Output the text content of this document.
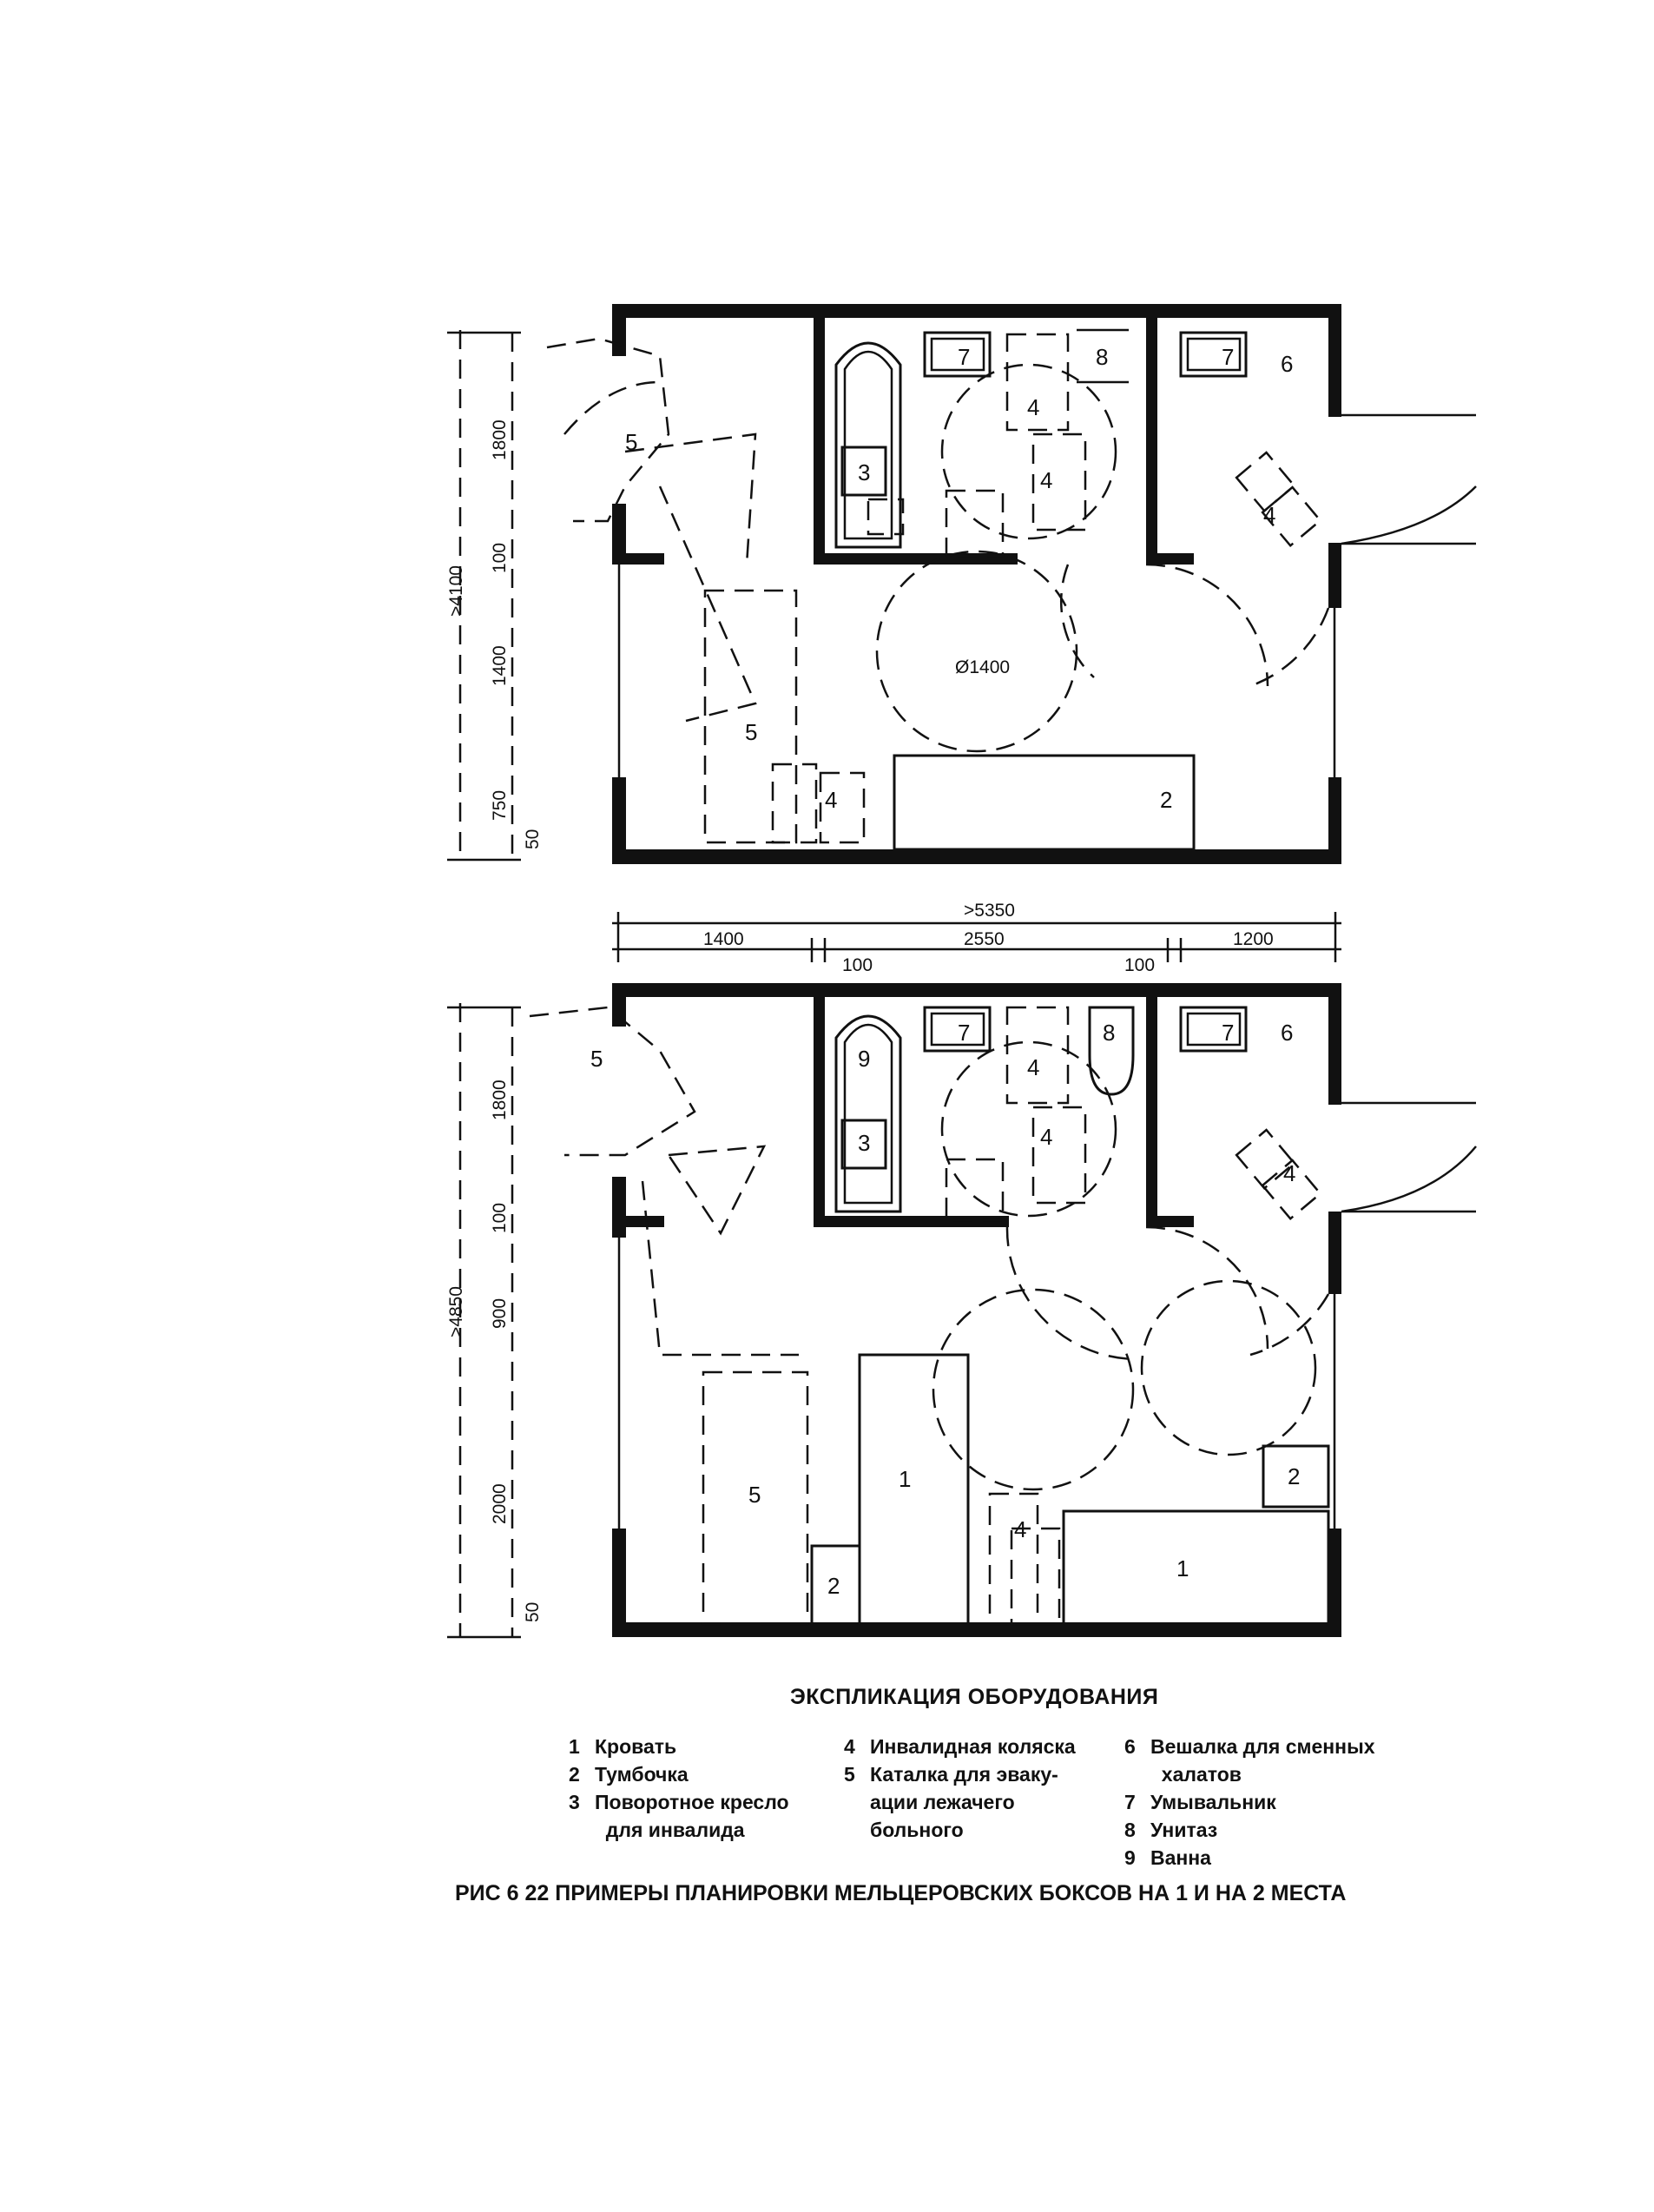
5
3
7
4
8
4
7 6
4
5
4	2
Ø1400
>4100
1800
100
1400
750
50
>5350
1400	2550	1200
100	100
5	9
3
7
4
8
4
7 6
4
5
1
4
2
2
1
>4850
1800
100
900
2000
50
ЭКСПЛИКАЦИЯ ОБОРУДОВАНИЯ
1 Кровать
2 Тумбочка
3 Поворотное кресло
для инвалида
4 Инвалидная коляска
5 Каталка для эваку-
ации лежачего
больного
6 Вешалка для сменных
халатов
7 Умывальник
8 Унитаз
9 Ванна
РИС 6 22 ПРИМЕРЫ ПЛАНИРОВКИ МЕЛЬЦЕРОВСКИХ БОКСОВ НА 1 И НА 2 МЕСТА
